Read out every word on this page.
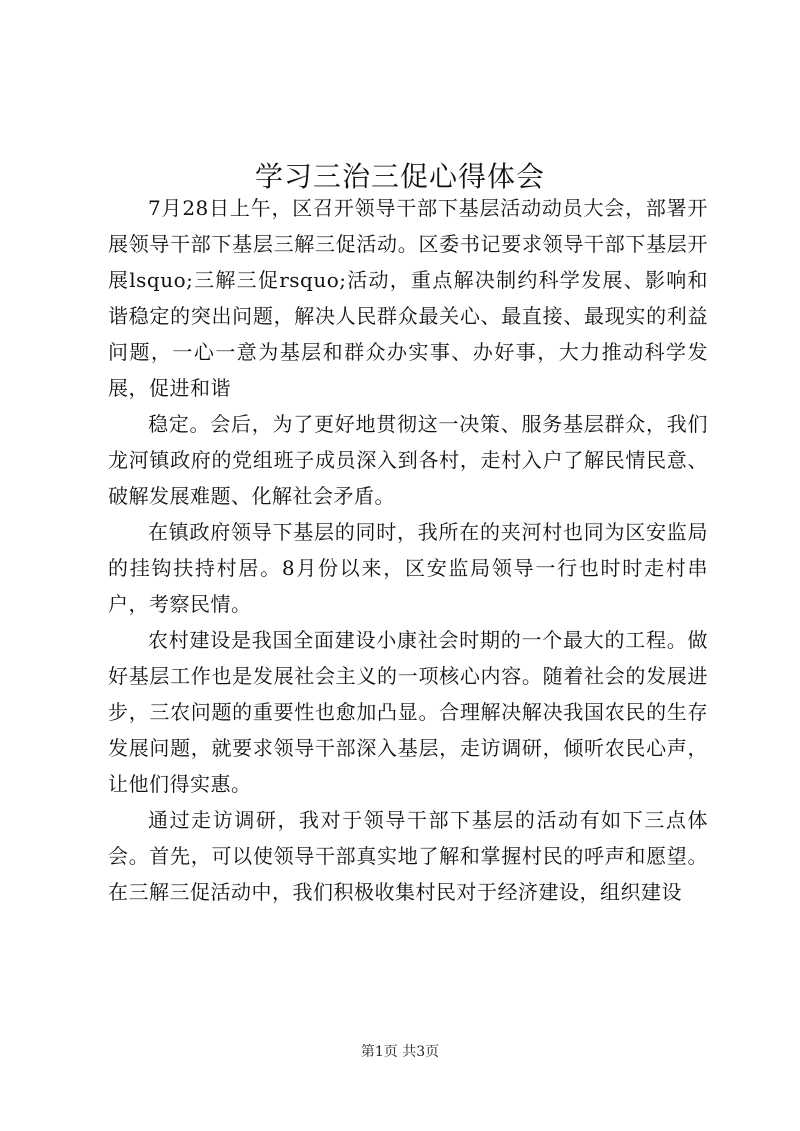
学习三治三促心得体会

7月28日上午，区召开领导干部下基层活动动员大会，部署开展领导干部下基层三解三促活动。区委书记要求领导干部下基层开展lsquo;三解三促rsquo;活动，重点解决制约科学发展、影响和谐稳定的突出问题，解决人民群众最关心、最直接、最现实的利益问题，一心一意为基层和群众办实事、办好事，大力推动科学发展，促进和谐

稳定。会后，为了更好地贯彻这一决策、服务基层群众，我们龙河镇政府的党组班子成员深入到各村，走村入户了解民情民意、破解发展难题、化解社会矛盾。

在镇政府领导下基层的同时，我所在的夹河村也同为区安监局的挂钩扶持村居。8月份以来，区安监局领导一行也时时走村串户，考察民情。

农村建设是我国全面建设小康社会时期的一个最大的工程。做好基层工作也是发展社会主义的一项核心内容。随着社会的发展进步，三农问题的重要性也愈加凸显。合理解决解决我国农民的生存发展问题，就要求领导干部深入基层，走访调研，倾听农民心声，让他们得实惠。

通过走访调研，我对于领导干部下基层的活动有如下三点体会。首先，可以使领导干部真实地了解和掌握村民的呼声和愿望。在三解三促活动中，我们积极收集村民对于经济建设，组织建设

第1页 共3页
